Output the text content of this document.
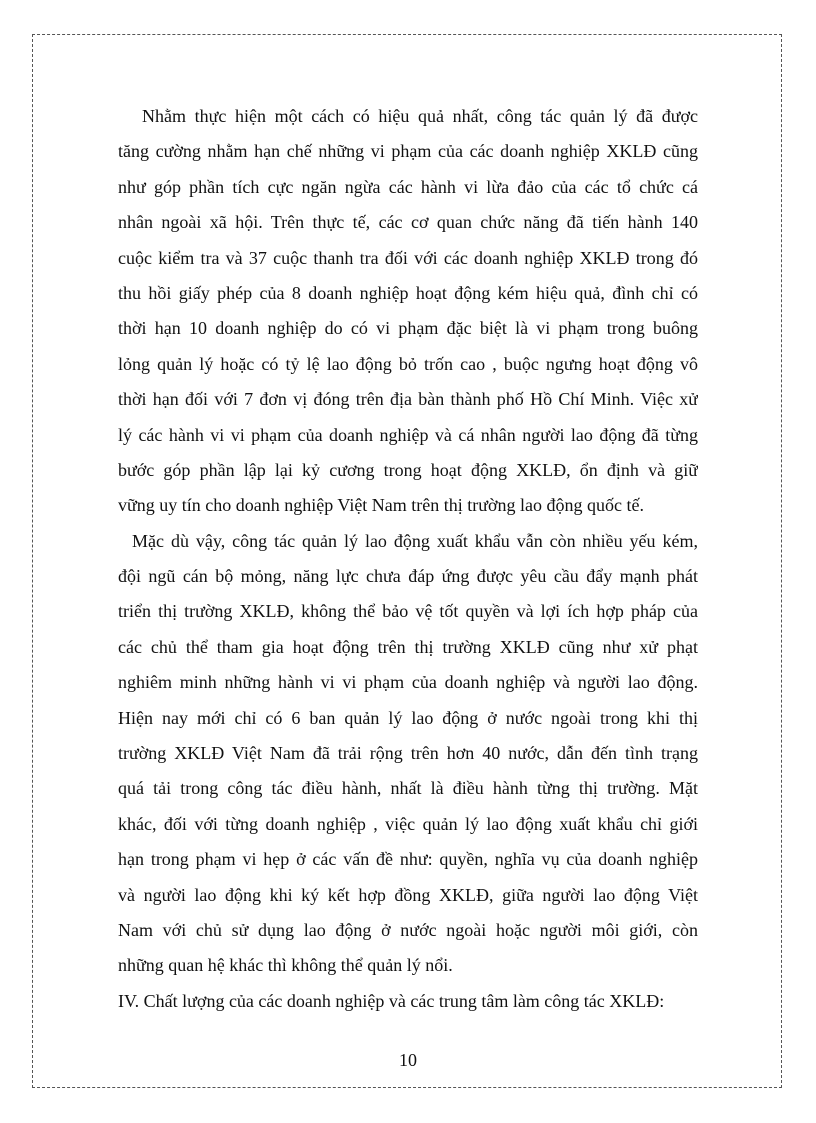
Nhằm thực hiện một cách có hiệu quả nhất, công tác quản lý đã được
tăng cường nhằm hạn chế những vi phạm của các doanh nghiệp XKLĐ cũng
như góp phần tích cực ngăn ngừa các hành vi lừa đảo của các tổ chức cá
nhân ngoài xã hội. Trên thực tế, các cơ quan chức năng đã tiến hành 140
cuộc kiểm tra và 37 cuộc thanh tra đối với các doanh nghiệp XKLĐ trong đó
thu hồi giấy phép của 8 doanh nghiệp hoạt động kém hiệu quả, đình chỉ có
thời hạn 10 doanh nghiệp do có vi phạm đặc biệt là vi phạm trong buông
lỏng quản lý hoặc có tỷ lệ lao động bỏ trốn cao , buộc ngưng hoạt động vô
thời hạn đối với 7 đơn vị đóng trên địa bàn thành phố Hồ Chí Minh. Việc xử
lý các hành vi vi phạm của doanh nghiệp và cá nhân người lao động đã từng
bước góp phần lập lại kỷ cương trong hoạt động XKLĐ, ổn định và giữ
vững uy tín cho doanh nghiệp Việt Nam trên thị trường lao động quốc tế.
Mặc dù vậy, công tác quản lý lao động xuất khẩu vẫn còn nhiều yếu kém,
đội ngũ cán bộ mỏng, năng lực chưa đáp ứng được yêu cầu đẩy mạnh phát
triển thị trường XKLĐ, không thể bảo vệ tốt quyền và lợi ích hợp pháp của
các chủ thể tham gia hoạt động trên thị trường XKLĐ cũng như xử phạt
nghiêm minh những hành vi vi phạm của doanh nghiệp và người lao động.
Hiện nay mới chỉ có 6 ban quản lý lao động ở nước ngoài trong khi thị
trường XKLĐ Việt Nam đã trải rộng trên hơn 40 nước, dẫn đến tình trạng
quá tải trong công tác điều hành, nhất là điều hành từng thị trường. Mặt
khác, đối với từng doanh nghiệp , việc quản lý lao động xuất khẩu chỉ giới
hạn trong phạm vi hẹp ở các vấn đề như: quyền, nghĩa vụ của doanh nghiệp
và người lao động khi ký kết hợp đồng XKLĐ, giữa người lao động Việt
Nam với chủ sử dụng lao động ở nước ngoài hoặc người môi giới, còn
những quan hệ khác thì không thể quản lý nổi.
IV. Chất lượng của các doanh nghiệp và các trung tâm làm công tác XKLĐ:
10
